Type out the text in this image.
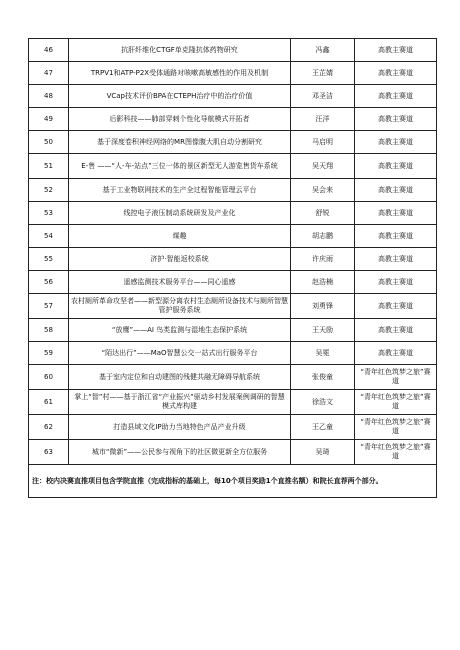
46	抗肝纤维化CTGF单克隆抗体药物研究	冯鑫	高教主赛道
47	TRPV1和ATP-P2X受体通路对咳嗽高敏感性的作用及机制	王芷婧	高教主赛道
48	VCap技术评价BPA在CTEPH治疗中的治疗价值	邓圣洁	高教主赛道
49	后影科技——肺部穿刺个性化导航模式开拓者	汪洋	高教主赛道
50	基于深度卷积神经网络的MR图像腹大肌自动分割研究	马启明	高教主赛道
51	E-售 ——“人-车-站点”三位一体的景区新型无人游览售货车系统	吴天翔	高教主赛道
52	基于工业物联网技术的生产全过程智能管理云平台	吴会来	高教主赛道
53	线控电子液压制动系统研发及产业化	舒锐	高教主赛道
54	煤趣	胡志鹏	高教主赛道
55	济护·智能返校系统	许庆雨	高教主赛道
56	遥感监测技术服务平台——同心遥感	赵浩楠	高教主赛道
57	农村厕所革命攻坚者——新型源分离农村生态厕所设备技术与厕所智慧管护服务系统	刘勇锋	高教主赛道
58	“放鹰”——AI 鸟类监测与湿地生态保护系统	王天励	高教主赛道
59	“陌达出行”——MaO智慧公交一站式出行服务平台	吴冕	高教主赛道
60	基于室内定位和自动建图的残健共融无障碍导航系统	张俊童	“青年红色筑梦之旅”赛道
61	掌上“智”村——基于浙江省“产业振兴”驱动乡村发展案例调研的智慧模式库构建	徐浩文	“青年红色筑梦之旅”赛道
62	打造县域文化IP助力当地特色产品产业升级	王乙童	“青年红色筑梦之旅”赛道
63	城市“微新”——公民参与视角下的社区微更新全方位服务	吴琦	“青年红色筑梦之旅”赛道
注：校内决赛直推项目包含学院直推（完成指标的基础上，每10个项目奖励1个直推名额）和院长直荐两个部分。			
